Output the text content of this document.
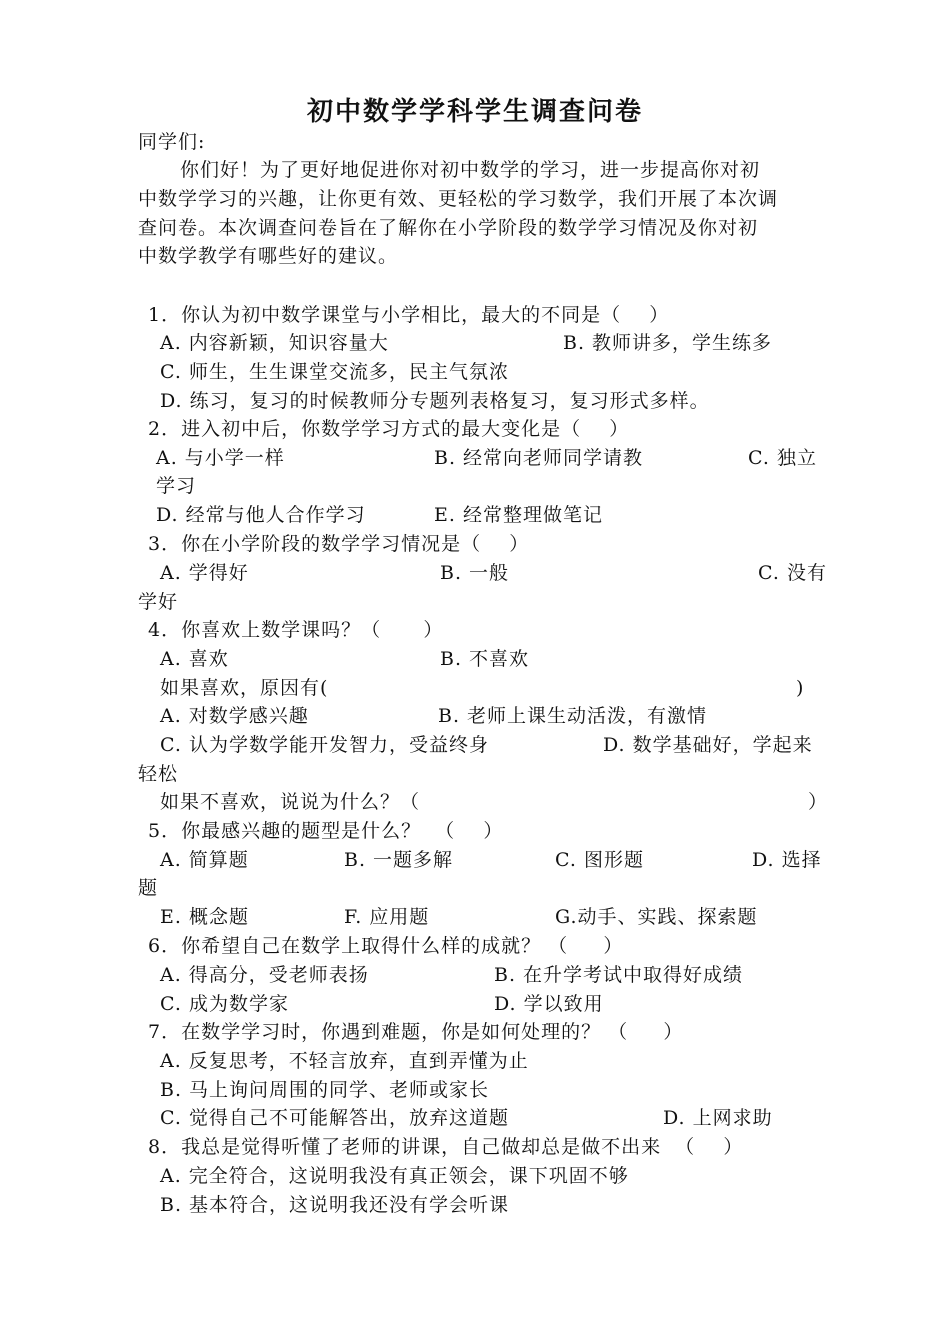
初中数学学科学生调查问卷
同学们:
你们好！为了更好地促进你对初中数学的学习，进一步提高你对初
中数学学习的兴趣，让你更有效、更轻松的学习数学，我们开展了本次调
查问卷。本次调查问卷旨在了解你在小学阶段的数学学习情况及你对初
中数学教学有哪些好的建议。
1．你认为初中数学课堂与小学相比，最大的不同是（    ）
A. 内容新颖，知识容量大	B. 教师讲多，学生练多
C. 师生，生生课堂交流多，民主气氛浓
D. 练习，复习的时候教师分专题列表格复习，复习形式多样。
2．进入初中后，你数学学习方式的最大变化是（    ）
A. 与小学一样	B. 经常向老师同学请教	C. 独立
学习
D. 经常与他人合作学习	E. 经常整理做笔记
3．你在小学阶段的数学学习情况是（    ）
A. 学得好	B. 一般	C. 没有
学好
4．你喜欢上数学课吗？（      ）
A. 喜欢	B. 不喜欢
如果喜欢，原因有(	)
A. 对数学感兴趣	B. 老师上课生动活泼，有激情
C. 认为学数学能开发智力，受益终身	D. 数学基础好，学起来
轻松
如果不喜欢，说说为什么？（	）
5．你最感兴趣的题型是什么？  （    ）
A. 简算题	B. 一题多解	C. 图形题	D. 选择
题
E. 概念题	F. 应用题	G.动手、实践、探索题
6．你希望自己在数学上取得什么样的成就？ （     ）
A. 得高分，受老师表扬	B. 在升学考试中取得好成绩
C. 成为数学家	D. 学以致用
7．在数学学习时，你遇到难题，你是如何处理的？ （     ）
A. 反复思考，不轻言放弃，直到弄懂为止
B. 马上询问周围的同学、老师或家长
C. 觉得自己不可能解答出，放弃这道题	D. 上网求助
8．我总是觉得听懂了老师的讲课，自己做却总是做不出来  （    ）
A. 完全符合，这说明我没有真正领会，课下巩固不够
B. 基本符合，这说明我还没有学会听课
